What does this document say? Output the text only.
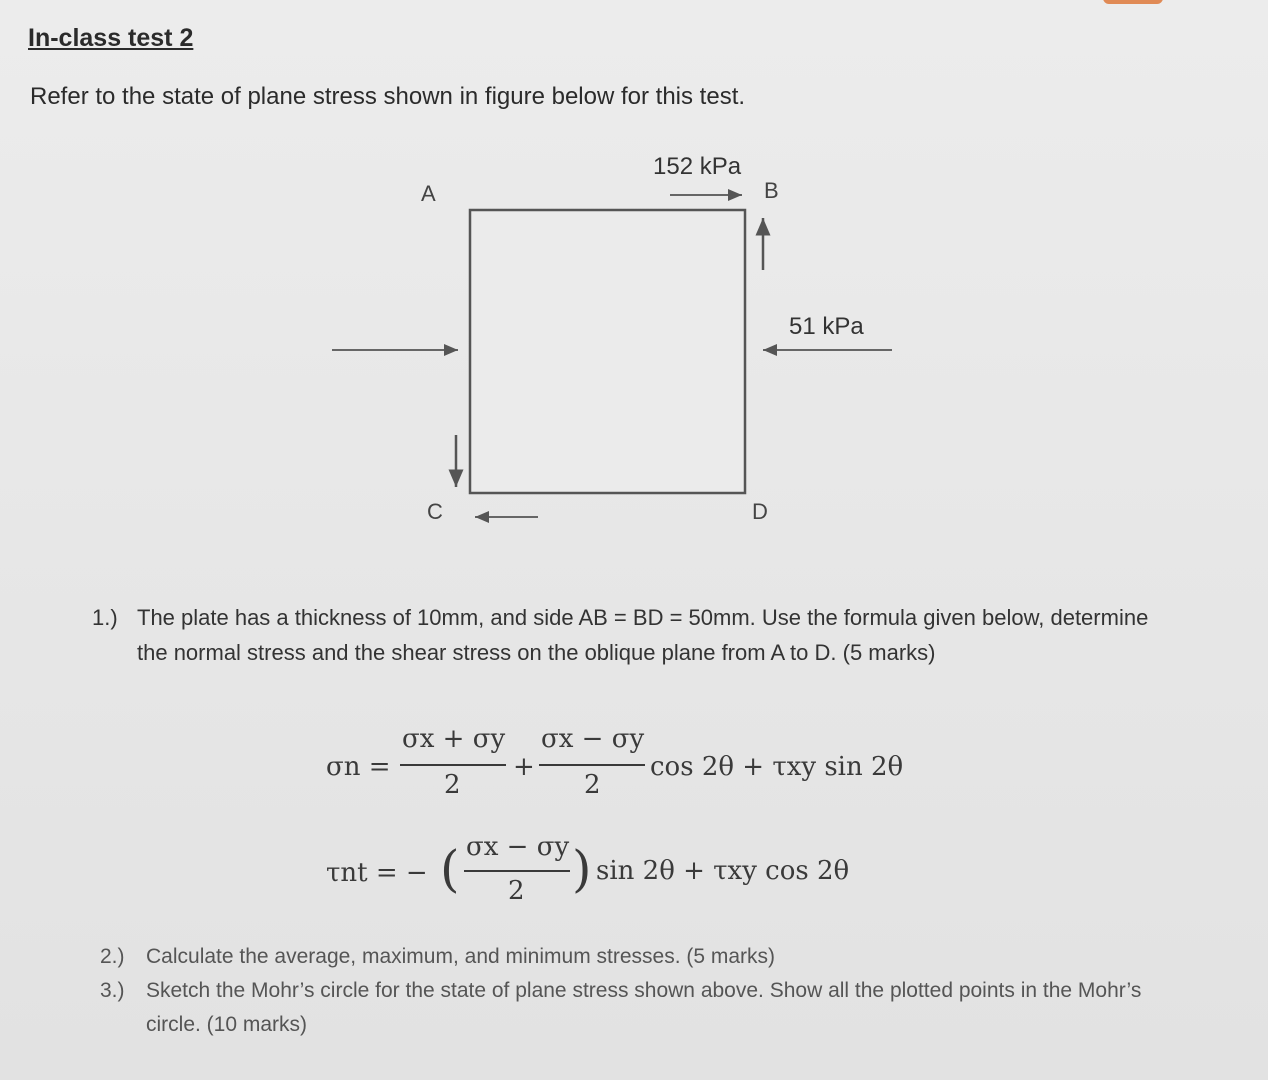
In-class test 2
Refer to the state of plane stress shown in figure below for this test.
152 kPa
51 kPa
A	B
C	D
1.) The plate has a thickness of 10mm, and side AB = BD = 50mm. Use the formula given below, determine the normal stress and the shear stress on the oblique plane from A to D. (5 marks)
σn =
σx + σy
2
+
σx − σy
2
cos 2θ + τxy sin 2θ
τnt = − ( σx − σy
2 ) sin 2θ + τxy cos 2θ
2.) Calculate the average, maximum, and minimum stresses. (5 marks)
3.) Sketch the Mohr’s circle for the state of plane stress shown above. Show all the plotted points in the Mohr’s circle. (10 marks)
